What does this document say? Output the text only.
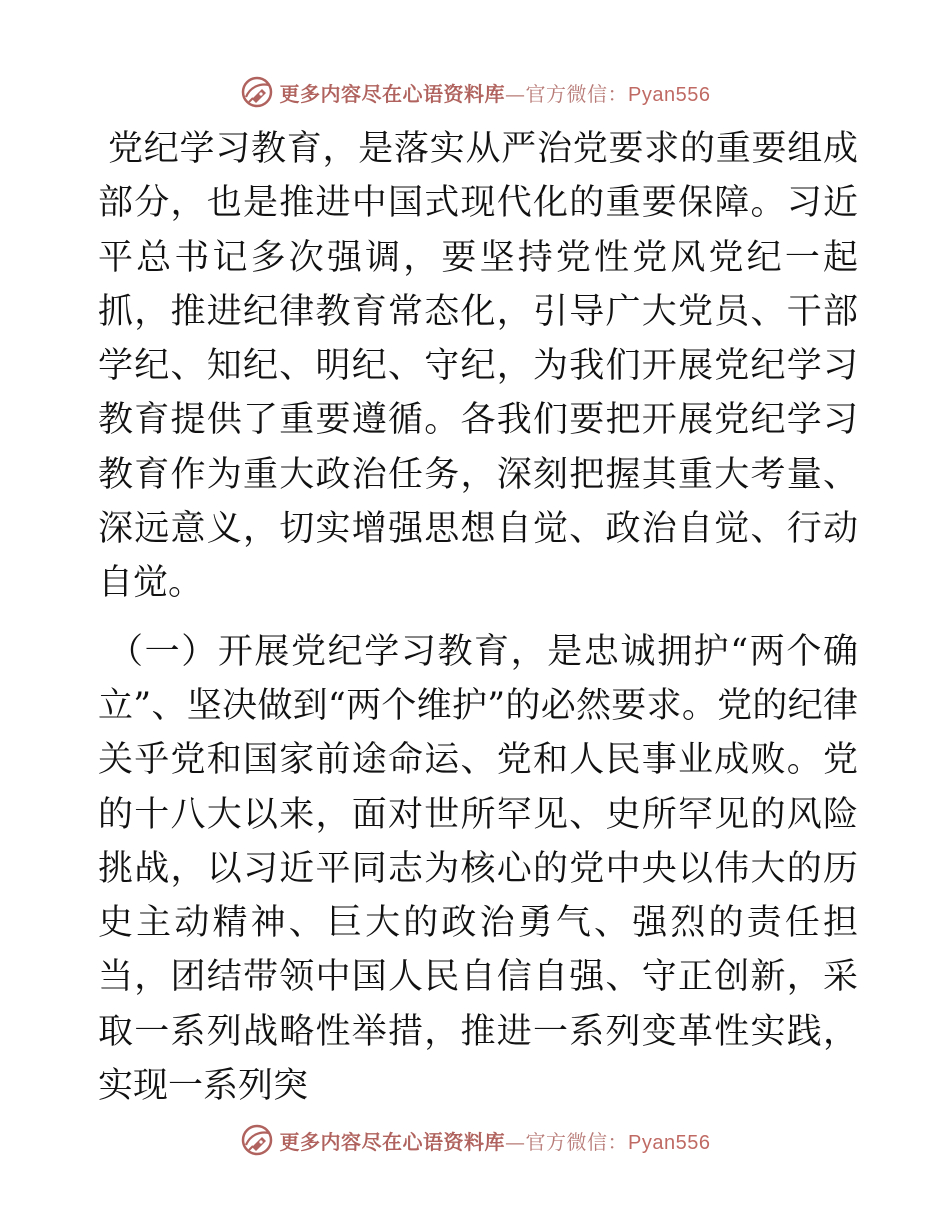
更多内容尽在心语资料库—官方微信：Pyan556

党纪学习教育，是落实从严治党要求的重要组成部分，也是推进中国式现代化的重要保障。习近平总书记多次强调，要坚持党性党风党纪一起抓，推进纪律教育常态化，引导广大党员、干部学纪、知纪、明纪、守纪，为我们开展党纪学习教育提供了重要遵循。各我们要把开展党纪学习教育作为重大政治任务，深刻把握其重大考量、深远意义，切实增强思想自觉、政治自觉、行动自觉。

（一）开展党纪学习教育，是忠诚拥护“两个确立”、坚决做到“两个维护”的必然要求。党的纪律关乎党和国家前途命运、党和人民事业成败。党的十八大以来，面对世所罕见、史所罕见的风险挑战，以习近平同志为核心的党中央以伟大的历史主动精神、巨大的政治勇气、强烈的责任担当，团结带领中国人民自信自强、守正创新，采取一系列战略性举措，推进一系列变革性实践，实现一系列突

更多内容尽在心语资料库—官方微信：Pyan556
